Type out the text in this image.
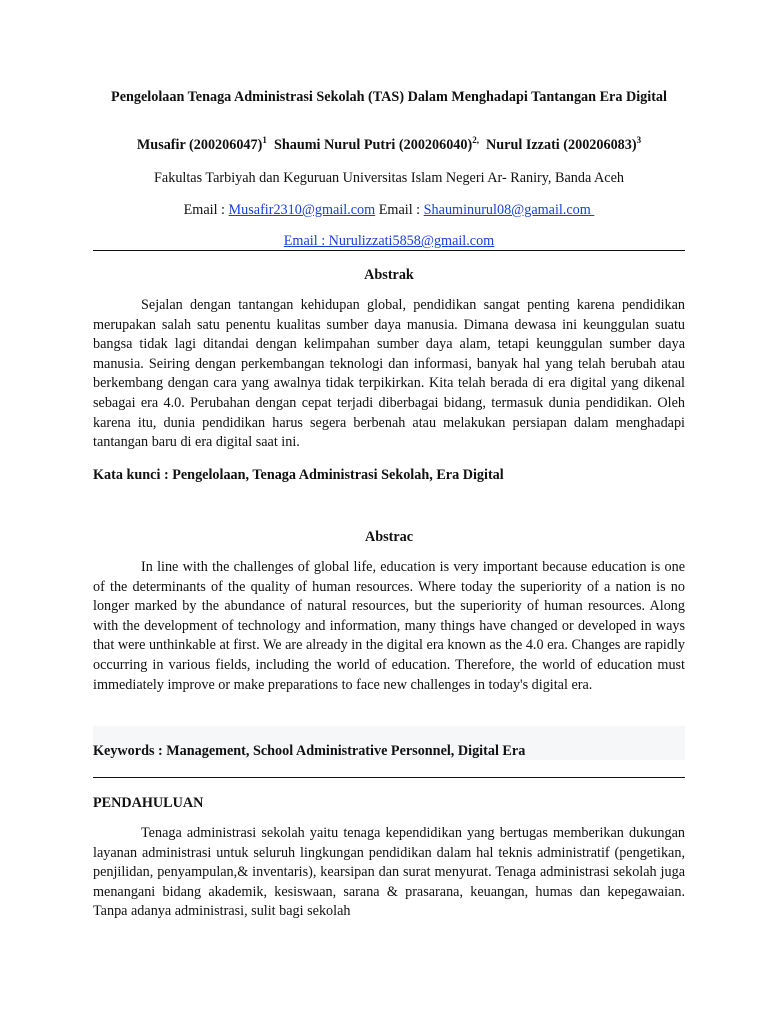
Pengelolaan Tenaga Administrasi Sekolah (TAS) Dalam Menghadapi Tantangan Era Digital
Musafir $(200206047)^1$ Shaumi Nurul Putri $(200206040)^{2,}$ Nurul Izzati $(200206083)^3$
Fakultas Tarbiyah dan Keguruan Universitas Islam Negeri Ar- Raniry, Banda Aceh
Email : Musafir2310@gmail.com Email : Shauminurul08@gamail.com
Email : Nurulizzati5858@gmail.com
Abstrak
Sejalan dengan tantangan kehidupan global, pendidikan sangat penting karena pendidikan merupakan salah satu penentu kualitas sumber daya manusia. Dimana dewasa ini keunggulan suatu bangsa tidak lagi ditandai dengan kelimpahan sumber daya alam, tetapi keunggulan sumber daya manusia. Seiring dengan perkembangan teknologi dan informasi, banyak hal yang telah berubah atau berkembang dengan cara yang awalnya tidak terpikirkan. Kita telah berada di era digital yang dikenal sebagai era 4.0. Perubahan dengan cepat terjadi diberbagai bidang, termasuk dunia pendidikan. Oleh karena itu, dunia pendidikan harus segera berbenah atau melakukan persiapan dalam menghadapi tantangan baru di era digital saat ini.
Kata kunci : Pengelolaan, Tenaga Administrasi Sekolah, Era Digital
Abstrac
In line with the challenges of global life, education is very important because education is one of the determinants of the quality of human resources. Where today the superiority of a nation is no longer marked by the abundance of natural resources, but the superiority of human resources. Along with the development of technology and information, many things have changed or developed in ways that were unthinkable at first. We are already in the digital era known as the 4.0 era. Changes are rapidly occurring in various fields, including the world of education. Therefore, the world of education must immediately improve or make preparations to face new challenges in today's digital era.
Keywords : Management, School Administrative Personnel, Digital Era
PENDAHULUAN
Tenaga administrasi sekolah yaitu tenaga kependidikan yang bertugas memberikan dukungan layanan administrasi untuk seluruh lingkungan pendidikan dalam hal teknis administratif (pengetikan, penjilidan, penyampulan,& inventaris), kearsipan dan surat menyurat. Tenaga administrasi sekolah juga menangani bidang akademik, kesiswaan, sarana & prasarana, keuangan, humas dan kepegawaian. Tanpa adanya administrasi, sulit bagi sekolah
